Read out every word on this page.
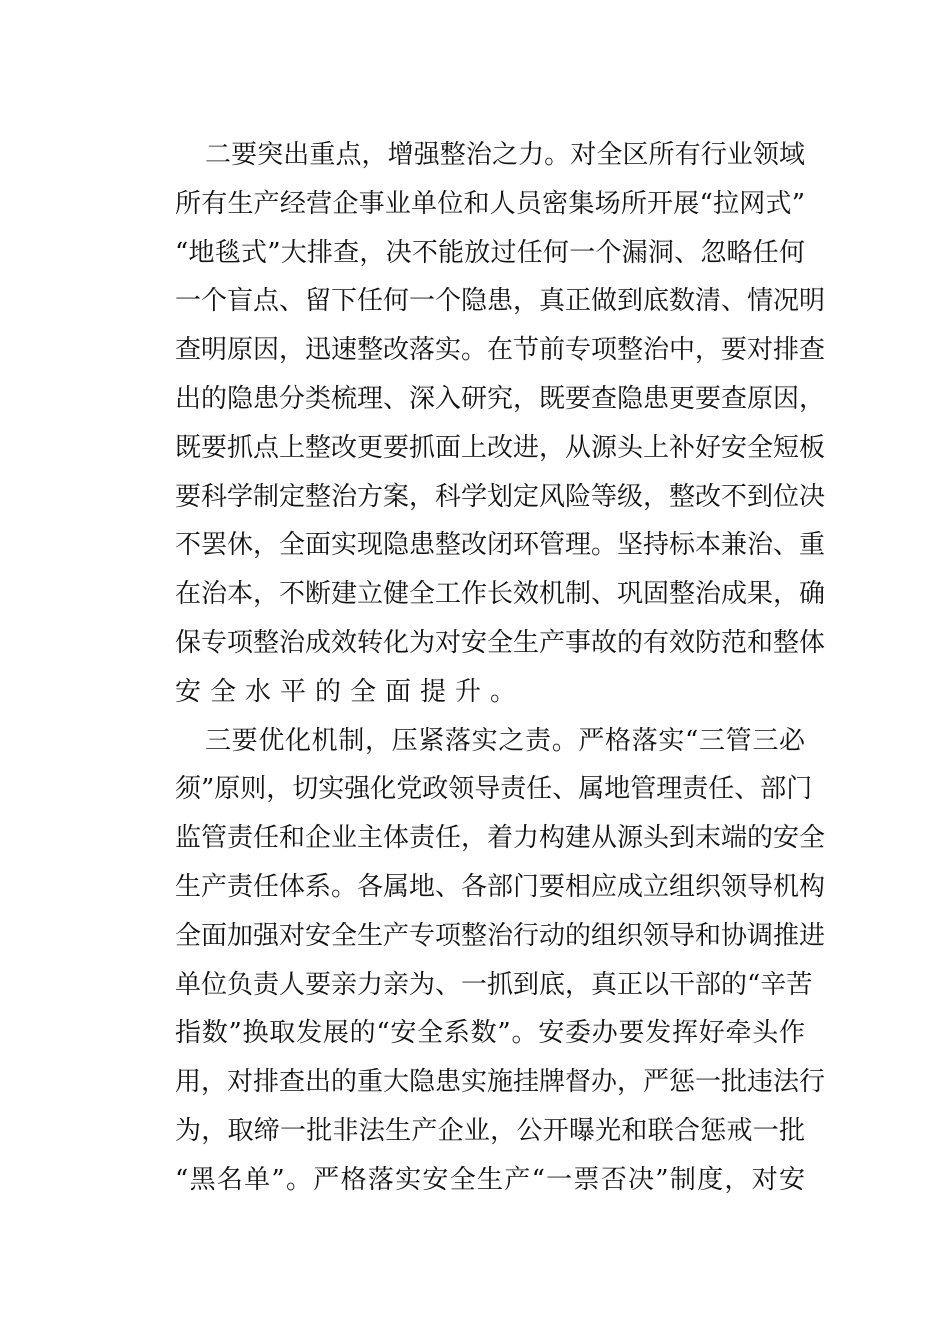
二要突出重点，增强整治之力。对全区所有行业领域
所有生产经营企事业单位和人员密集场所开展“拉网式”
“地毯式”大排查，决不能放过任何一个漏洞、忽略任何
一个盲点、留下任何一个隐患，真正做到底数清、情况明
查明原因，迅速整改落实。在节前专项整治中，要对排查
出的隐患分类梳理、深入研究，既要查隐患更要查原因，
既要抓点上整改更要抓面上改进，从源头上补好安全短板
要科学制定整治方案，科学划定风险等级，整改不到位决
不罢休，全面实现隐患整改闭环管理。坚持标本兼治、重
在治本，不断建立健全工作长效机制、巩固整治成果，确
保专项整治成效转化为对安全生产事故的有效防范和整体
安全水平的全面提升。
三要优化机制，压紧落实之责。严格落实“三管三必
须”原则，切实强化党政领导责任、属地管理责任、部门
监管责任和企业主体责任，着力构建从源头到末端的安全
生产责任体系。各属地、各部门要相应成立组织领导机构
全面加强对安全生产专项整治行动的组织领导和协调推进
单位负责人要亲力亲为、一抓到底，真正以干部的“辛苦
指数”换取发展的“安全系数”。安委办要发挥好牵头作
用，对排查出的重大隐患实施挂牌督办，严惩一批违法行
为，取缔一批非法生产企业，公开曝光和联合惩戒一批
“黑名单”。严格落实安全生产“一票否决”制度，对安
